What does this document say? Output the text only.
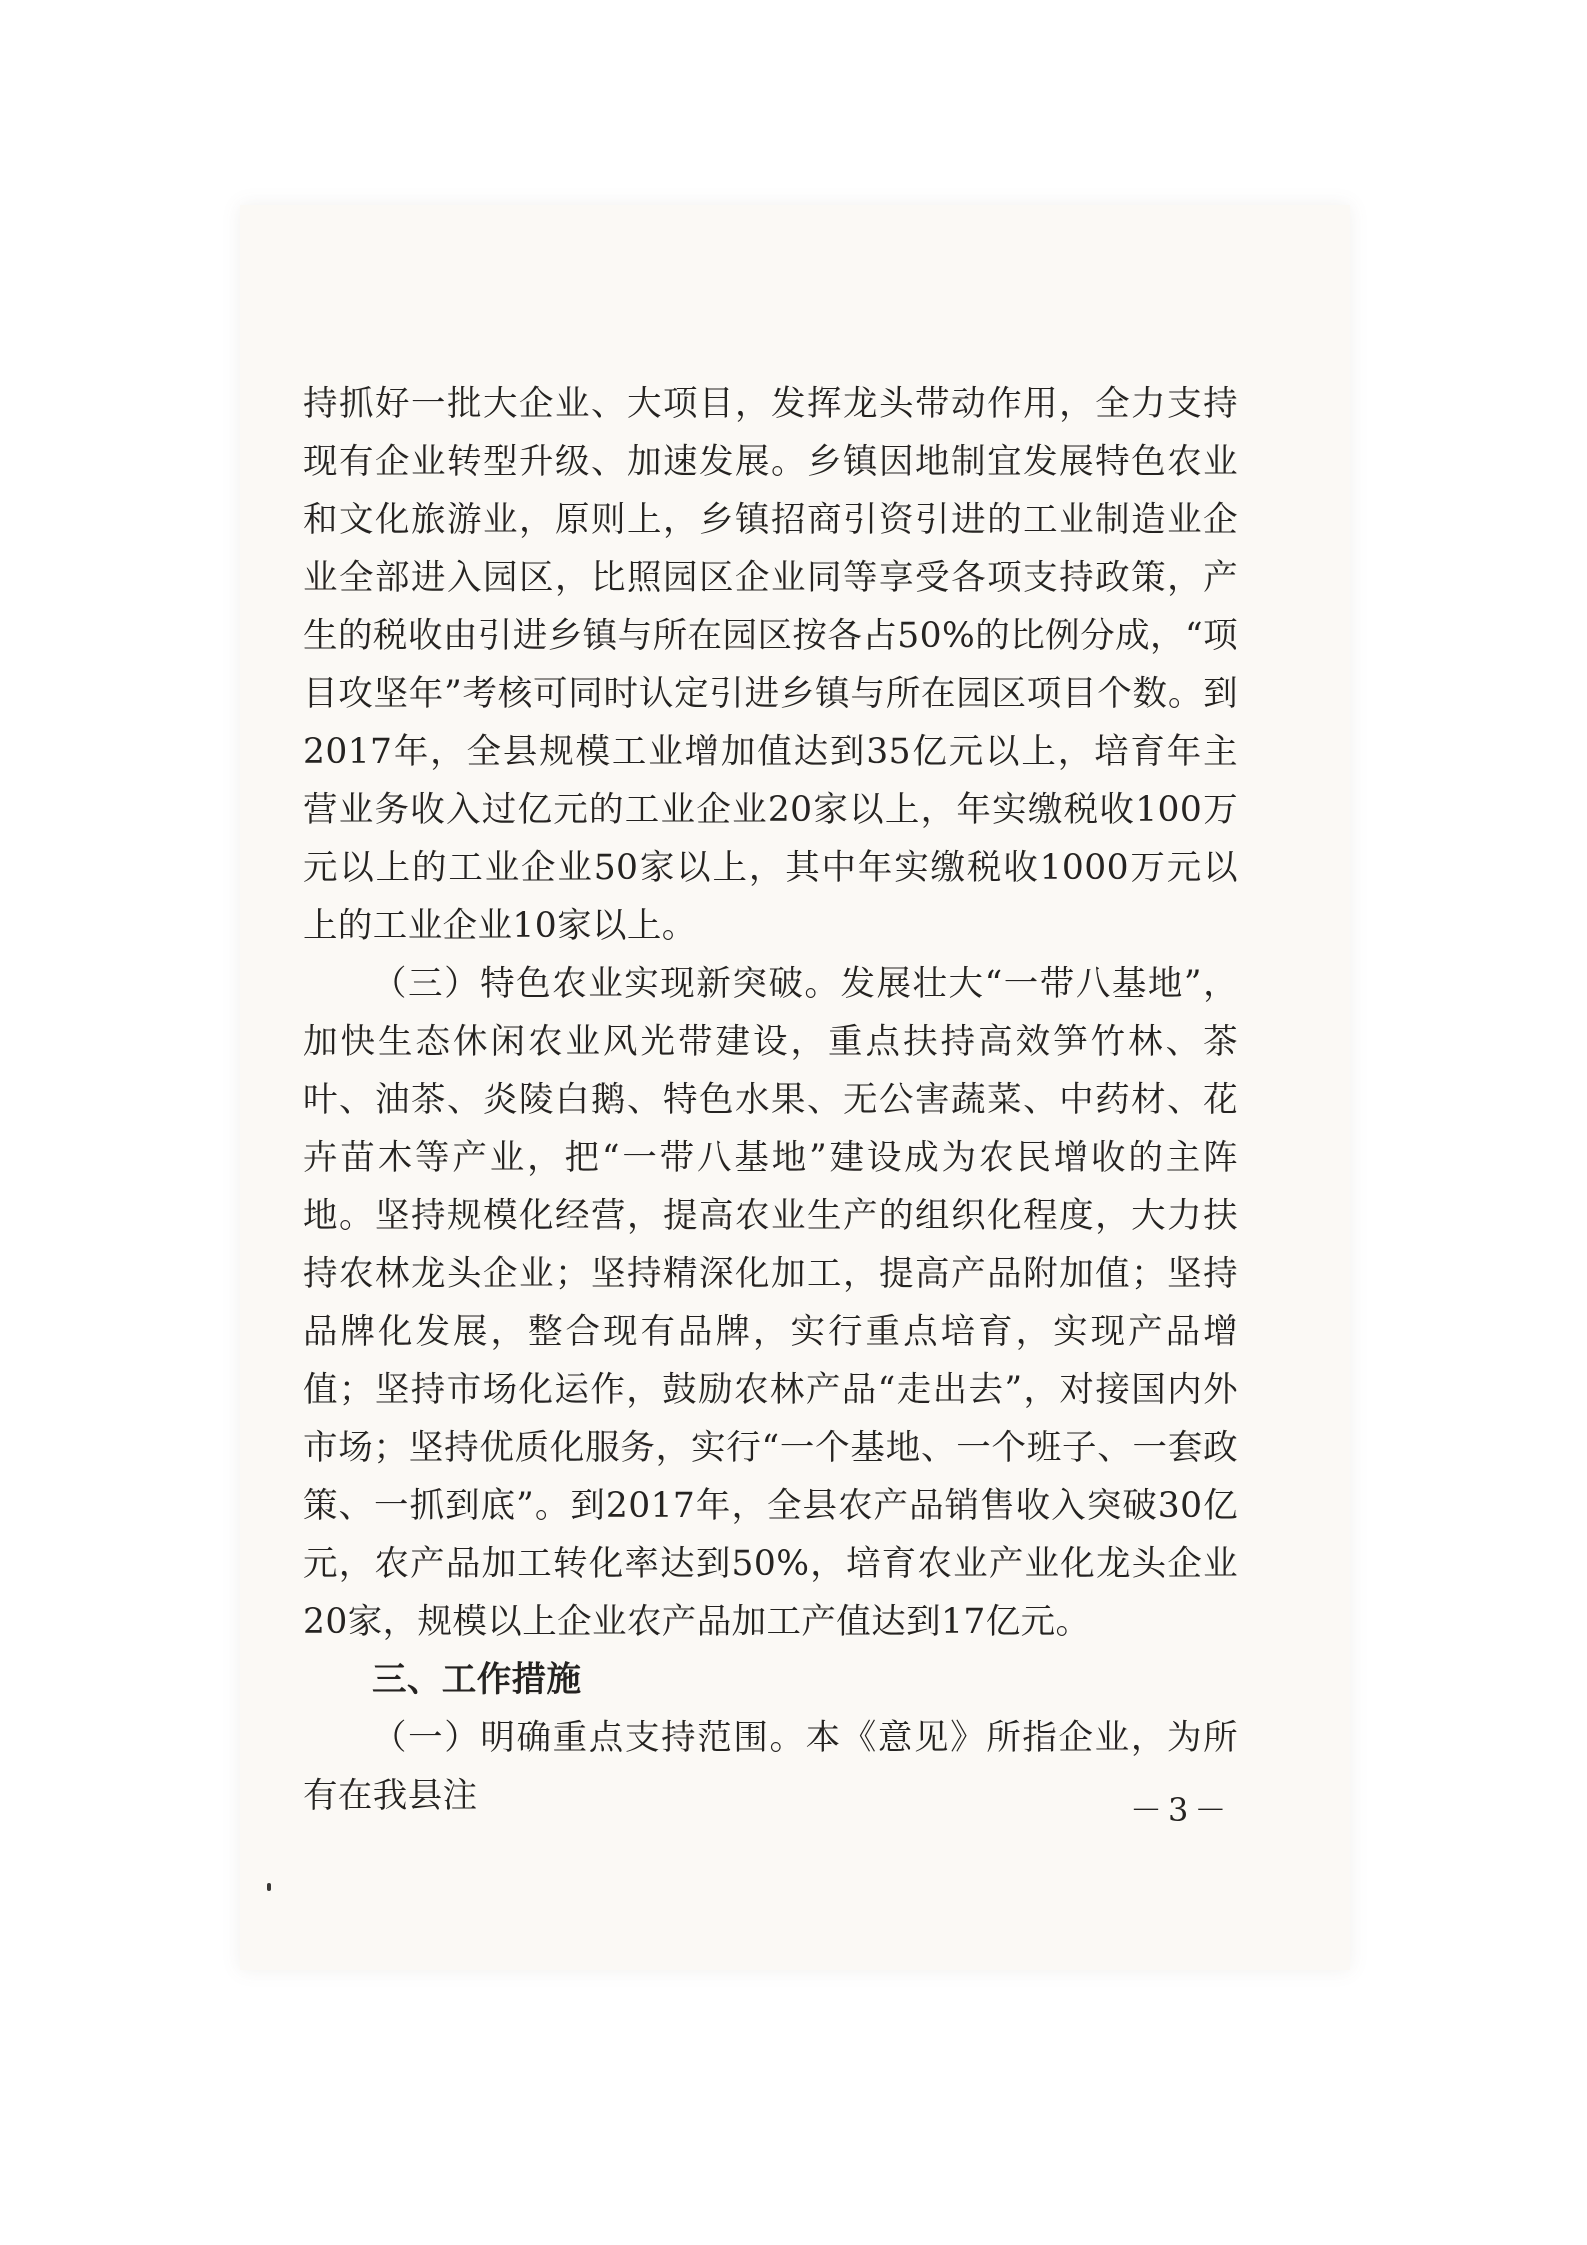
持抓好一批大企业、大项目，发挥龙头带动作用，全力支持现有企业转型升级、加速发展。乡镇因地制宜发展特色农业和文化旅游业，原则上，乡镇招商引资引进的工业制造业企业全部进入园区，比照园区企业同等享受各项支持政策，产生的税收由引进乡镇与所在园区按各占50%的比例分成，“项目攻坚年”考核可同时认定引进乡镇与所在园区项目个数。到2017年，全县规模工业增加值达到35亿元以上，培育年主营业务收入过亿元的工业企业20家以上，年实缴税收100万元以上的工业企业50家以上，其中年实缴税收1000万元以上的工业企业10家以上。

（三）特色农业实现新突破。发展壮大“一带八基地”，加快生态休闲农业风光带建设，重点扶持高效笋竹林、茶叶、油茶、炎陵白鹅、特色水果、无公害蔬菜、中药材、花卉苗木等产业，把“一带八基地”建设成为农民增收的主阵地。坚持规模化经营，提高农业生产的组织化程度，大力扶持农林龙头企业；坚持精深化加工，提高产品附加值；坚持品牌化发展，整合现有品牌，实行重点培育，实现产品增值；坚持市场化运作，鼓励农林产品“走出去”，对接国内外市场；坚持优质化服务，实行“一个基地、一个班子、一套政策、一抓到底”。到2017年，全县农产品销售收入突破30亿元，农产品加工转化率达到50%，培育农业产业化龙头企业20家，规模以上企业农产品加工产值达到17亿元。

三、工作措施

（一）明确重点支持范围。本《意见》所指企业，为所有在我县注	－3－
